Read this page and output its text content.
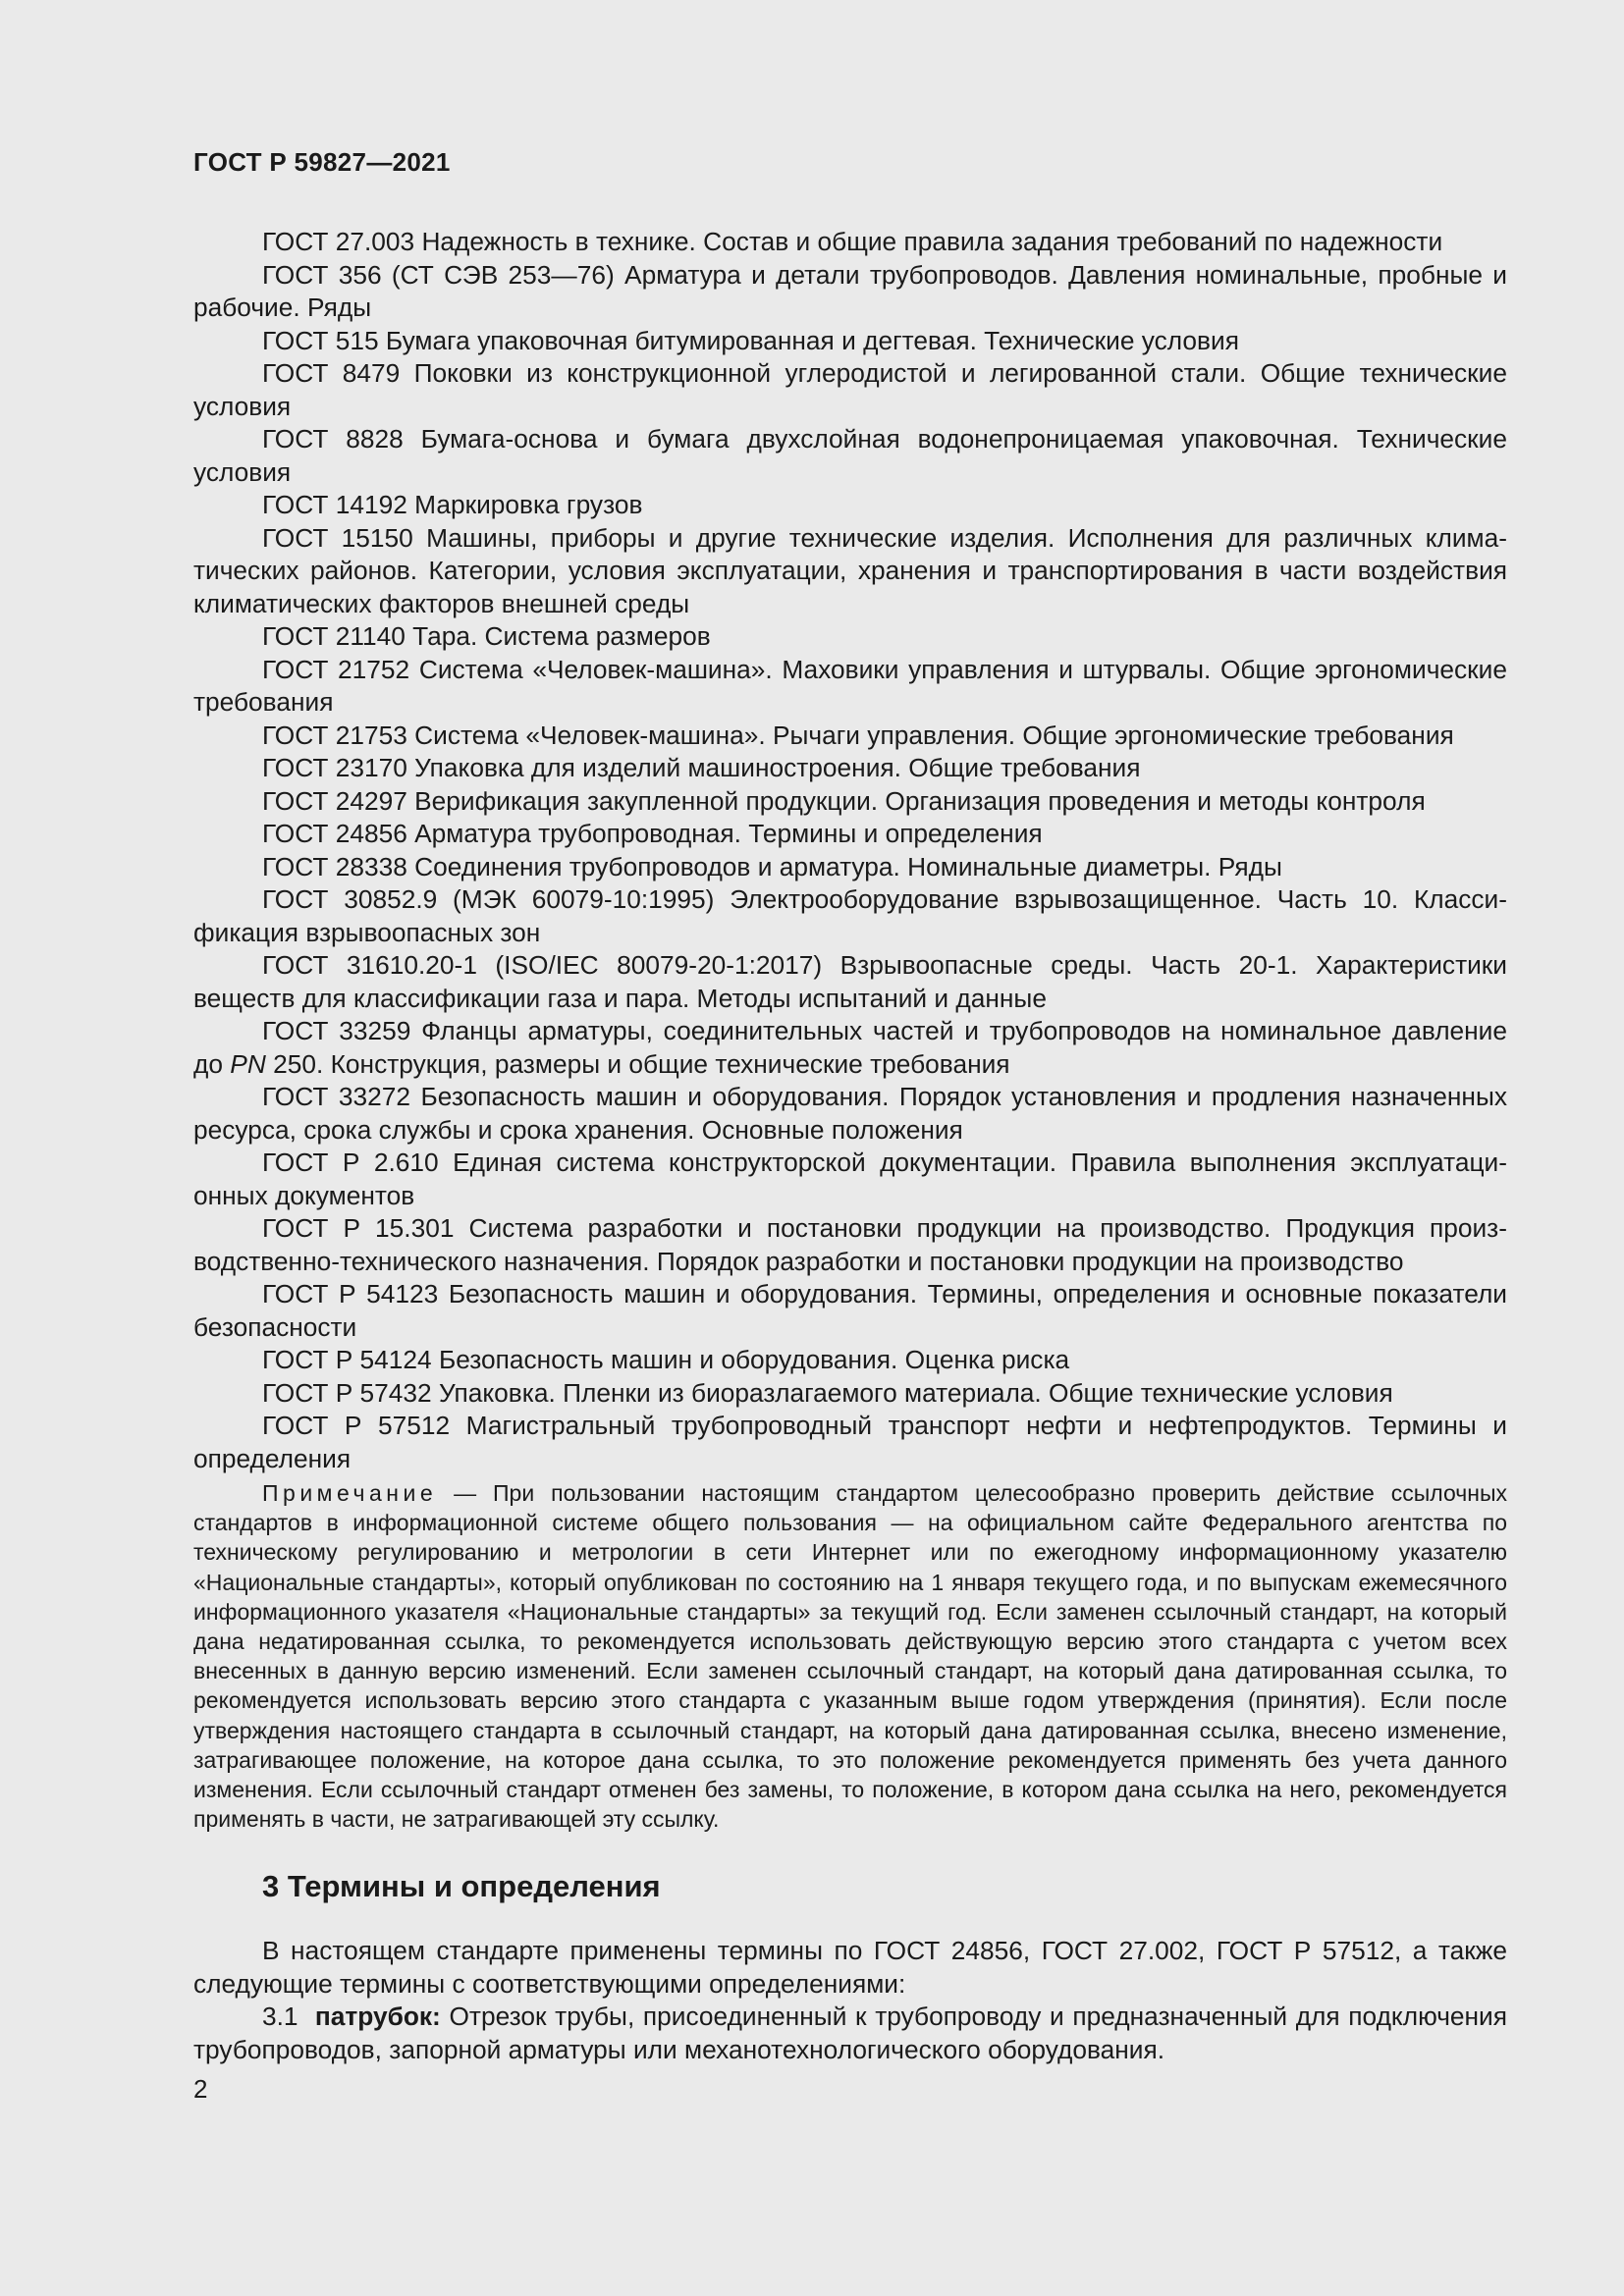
ГОСТ Р 59827—2021

ГОСТ 27.003 Надежность в технике. Состав и общие правила задания требований по надежности

ГОСТ 356 (СТ СЭВ 253—76) Арматура и детали трубопроводов. Давления номинальные, пробные и рабочие. Ряды

ГОСТ 515 Бумага упаковочная битумированная и дегтевая. Технические условия

ГОСТ 8479 Поковки из конструкционной углеродистой и легированной стали. Общие технические условия

ГОСТ 8828 Бумага-основа и бумага двухслойная водонепроницаемая упаковочная. Технические условия

ГОСТ 14192 Маркировка грузов

ГОСТ 15150 Машины, приборы и другие технические изделия. Исполнения для различных климатических районов. Категории, условия эксплуатации, хранения и транспортирования в части воздействия климатических факторов внешней среды

ГОСТ 21140 Тара. Система размеров

ГОСТ 21752 Система «Человек-машина». Маховики управления и штурвалы. Общие эргономические требования

ГОСТ 21753 Система «Человек-машина». Рычаги управления. Общие эргономические требования

ГОСТ 23170 Упаковка для изделий машиностроения. Общие требования

ГОСТ 24297 Верификация закупленной продукции. Организация проведения и методы контроля

ГОСТ 24856 Арматура трубопроводная. Термины и определения

ГОСТ 28338 Соединения трубопроводов и арматура. Номинальные диаметры. Ряды

ГОСТ 30852.9 (МЭК 60079-10:1995) Электрооборудование взрывозащищенное. Часть 10. Классификация взрывоопасных зон

ГОСТ 31610.20-1 (ISO/IEC 80079-20-1:2017) Взрывоопасные среды. Часть 20-1. Характеристики веществ для классификации газа и пара. Методы испытаний и данные

ГОСТ 33259 Фланцы арматуры, соединительных частей и трубопроводов на номинальное давление до PN 250. Конструкция, размеры и общие технические требования

ГОСТ 33272 Безопасность машин и оборудования. Порядок установления и продления назначенных ресурса, срока службы и срока хранения. Основные положения

ГОСТ Р 2.610 Единая система конструкторской документации. Правила выполнения эксплуатационных документов

ГОСТ Р 15.301 Система разработки и постановки продукции на производство. Продукция производственно-технического назначения. Порядок разработки и постановки продукции на производство

ГОСТ Р 54123 Безопасность машин и оборудования. Термины, определения и основные показатели безопасности

ГОСТ Р 54124 Безопасность машин и оборудования. Оценка риска

ГОСТ Р 57432 Упаковка. Пленки из биоразлагаемого материала. Общие технические условия

ГОСТ Р 57512 Магистральный трубопроводный транспорт нефти и нефтепродуктов. Термины и определения

Примечание — При пользовании настоящим стандартом целесообразно проверить действие ссылочных стандартов в информационной системе общего пользования — на официальном сайте Федерального агентства по техническому регулированию и метрологии в сети Интернет или по ежегодному информационному указателю «Национальные стандарты», который опубликован по состоянию на 1 января текущего года, и по выпускам ежемесячного информационного указателя «Национальные стандарты» за текущий год. Если заменен ссылочный стандарт, на который дана недатированная ссылка, то рекомендуется использовать действующую версию этого стандарта с учетом всех внесенных в данную версию изменений. Если заменен ссылочный стандарт, на который дана датированная ссылка, то рекомендуется использовать версию этого стандарта с указанным выше годом утверждения (принятия). Если после утверждения настоящего стандарта в ссылочный стандарт, на который дана датированная ссылка, внесено изменение, затрагивающее положение, на которое дана ссылка, то это положение рекомендуется применять без учета данного изменения. Если ссылочный стандарт отменен без замены, то положение, в котором дана ссылка на него, рекомендуется применять в части, не затрагивающей эту ссылку.

3 Термины и определения

В настоящем стандарте применены термины по ГОСТ 24856, ГОСТ 27.002, ГОСТ Р 57512, а также следующие термины с соответствующими определениями:

3.1 патрубок: Отрезок трубы, присоединенный к трубопроводу и предназначенный для подключения трубопроводов, запорной арматуры или механотехнологического оборудования.

2
